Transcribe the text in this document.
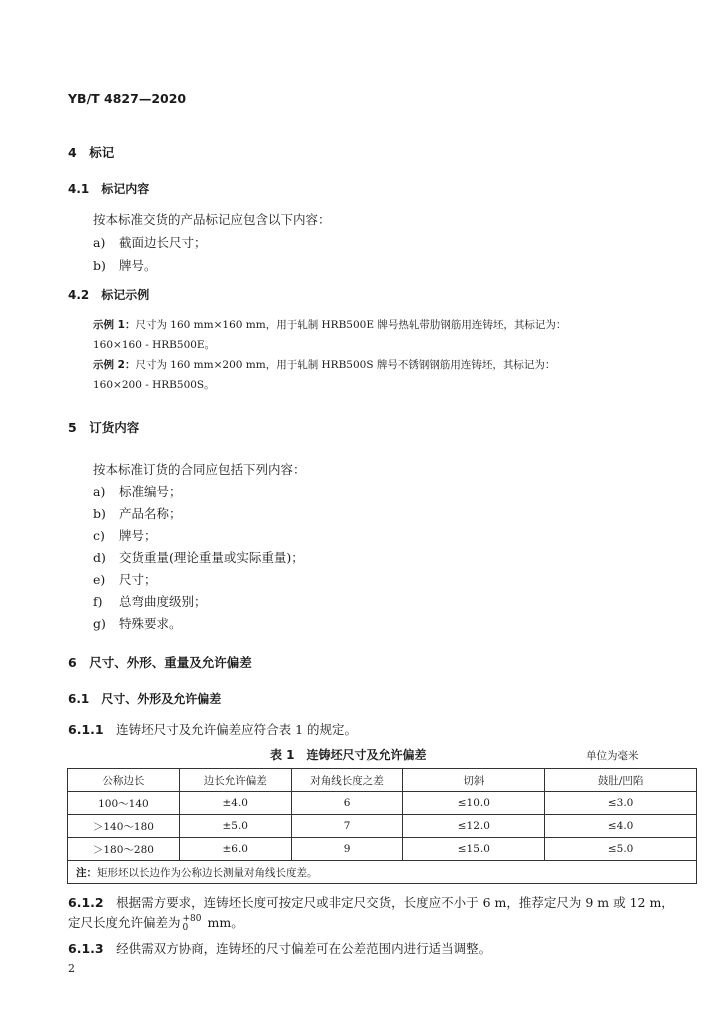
YB/T 4827—2020
4　标记
4.1　标记内容
按本标准交货的产品标记应包含以下内容：
a) 截面边长尺寸；
b) 牌号。
4.2　标记示例
示例 1：尺寸为 160 mm×160 mm，用于轧制 HRB500E 牌号热轧带肋钢筋用连铸坯，其标记为：
160×160 - HRB500E。
示例 2：尺寸为 160 mm×200 mm，用于轧制 HRB500S 牌号不锈钢钢筋用连铸坯，其标记为：
160×200 - HRB500S。
5　订货内容
按本标准订货的合同应包括下列内容：
a) 标准编号；
b) 产品名称；
c) 牌号；
d) 交货重量(理论重量或实际重量)；
e) 尺寸；
f) 总弯曲度级别；
g) 特殊要求。
6　尺寸、外形、重量及允许偏差
6.1　尺寸、外形及允许偏差
6.1.1　 连铸坯尺寸及允许偏差应符合表 1 的规定。
表 1　连铸坯尺寸及允许偏差	单位为毫米
公称边长	边长允许偏差	对角线长度之差	切斜	鼓肚/凹陷
100～140	±4.0	6	≤10.0	≤3.0
＞140～180	±5.0	7	≤12.0	≤4.0
＞180～280	±6.0	9	≤15.0	≤5.0
注：矩形坯以长边作为公称边长测量对角线长度差。				
6.1.2　 根据需方要求，连铸坯长度可按定尺或非定尺交货，长度应不小于 6 m，推荐定尺为 9 m 或 12 m，
定尺长度允许偏差为 +80
0 mm。
6.1.3　 经供需双方协商，连铸坯的尺寸偏差可在公差范围内进行适当调整。
2
